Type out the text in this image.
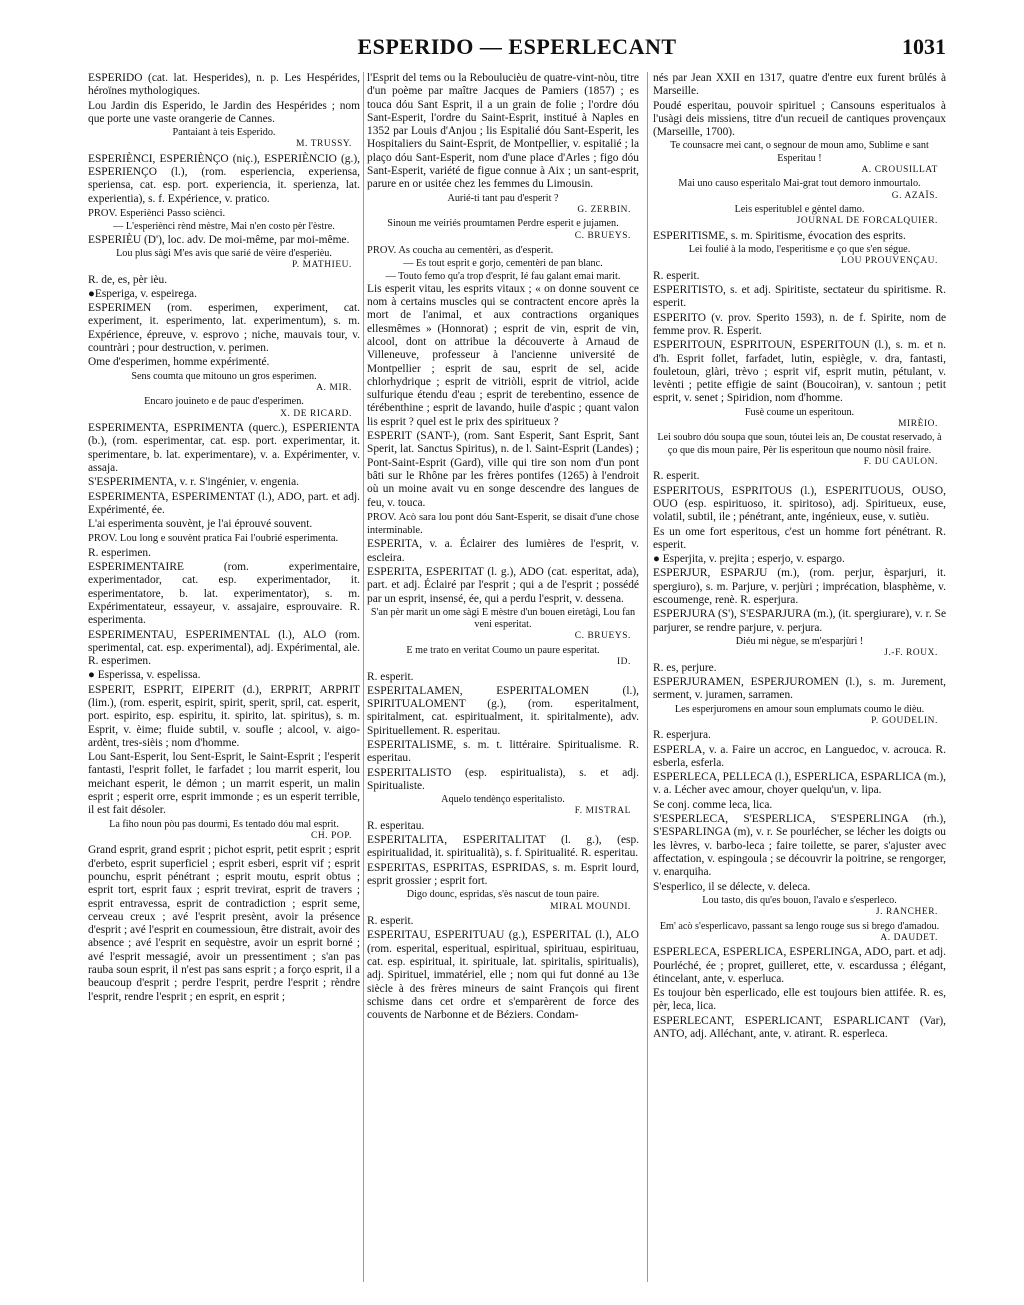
ESPERIDO — ESPERLECANT	1031

ESPERIDO (cat. lat. Hesperides), n. p. Les Hespérides, héroïnes mythologiques.

Lou Jardin dis Esperido, le Jardin des Hespérides ; nom que porte une vaste orangerie de Cannes.

Pantaiant à teis Esperido.

M. TRUSSY.

ESPERIÈNCI, ESPERIÈNÇO (niç.), ESPERIÈNCIO (g.), ESPERIENÇO (l.), (rom. esperiencia, experiensa, speriensa, cat. esp. port. experiencia, it. sperienza, lat. experientia), s. f. Expérience, v. pratico.

PROV. Esperiènci Passo sciènci.

— L'esperiènci rènd mèstre, Mai n'en costo pèr l'èstre.

ESPERIÈU (D'), loc. adv. De moi-même, par moi-même.

Lou plus sàgi M'es avis que sarié de vèire d'esperièu.

P. MATHIEU.

R. de, es, pèr ièu.

●Esperiga, v. espeirega.

ESPERIMEN (rom. esperimen, experiment, cat. experiment, it. esperimento, lat. experimentum), s. m. Expérience, épreuve, v. esprovo ; niche, mauvais tour, v. countràri ; pour destruction, v. perimen.

Ome d'esperimen, homme expérimenté.

Sens coumta que mitouno un gros esperimen.

A. MIR.

Encaro jouineto e de pauc d'esperimen.

X. DE RICARD.

ESPERIMENTA, ESPRIMENTA (querc.), ESPERIENTA (b.), (rom. esperimentar, cat. esp. port. experimentar, it. sperimentare, b. lat. experimentare), v. a. Expérimenter, v. assaja.

S'ESPERIMENTA, v. r. S'ingénier, v. engenia.

ESPERIMENTA, ESPERIMENTAT (l.), ADO, part. et adj. Expérimenté, ée.

L'ai esperimenta souvènt, je l'ai éprouvé souvent.

PROV. Lou long e souvènt pratica Fai l'oubrié esperimenta.

R. esperimen.

ESPERIMENTAIRE (rom. experimentaire, experimentador, cat. esp. experimentador, it. esperimentatore, b. lat. experimentator), s. m. Expérimentateur, essayeur, v. assajaire, esprouvaire. R. esperimenta.

ESPERIMENTAU, ESPERIMENTAL (l.), ALO (rom. sperimental, cat. esp. experimental), adj. Expérimental, ale. R. esperimen.

● Esperissa, v. espelissa.

ESPERIT, ESPRIT, EIPERIT (d.), ERPRIT, ARPRIT (lim.), (rom. esperit, espirit, spirit, sperit, spril, cat. esperit, port. espirito, esp. espiritu, it. spirito, lat. spiritus), s. m. Esprit, v. èime; fluide subtil, v. soufle ; alcool, v. aigo-ardènt, tres-sièis ; nom d'homme.

Lou Sant-Esperit, lou Sent-Esprit, le Saint-Esprit ; l'esperit fantasti, l'esprit follet, le farfadet ; lou marrit esperit, lou meichant esperit, le démon ; un marrit esperit, un malin esprit ; esperit orre, esprit immonde ; es un esperit terrible, il est fait désoler.

La fiho noun pòu pas dourmi, Es tentado dóu mal esprit.

CH. POP.

Grand esprit, grand esprit ; pichot esprit, petit esprit ; esprit d'erbeto, esprit superficiel ; esprit esberi, esprit vif ; esprit pounchu, esprit pénétrant ; esprit moutu, esprit obtus ; esprit tort, esprit faux ; esprit trevirat, esprit de travers ; esprit entravessa, esprit de contradiction ; esprit seme, cerveau creux ; avé l'esprit presènt, avoir la présence d'esprit ; avé l'esprit en coumessioun, être distrait, avoir des absence ; avé l'esprit en sequèstre, avoir un esprit borné ; avé l'esprit messagié, avoir un pressentiment ; s'an pas rauba soun esprit, il n'est pas sans esprit ; a forço esprit, il a beaucoup d'esprit ; perdre l'esprit, perdre l'esprit ; rèndre l'esprit, rendre l'esprit ; en esprit, en esprit ;

l'Esprit del tems ou la Reboulucièu de quatre-vint-nòu, titre d'un poème par maître Jacques de Pamiers (1857) ; es touca dóu Sant Esprit, il a un grain de folie ; l'ordre dóu Sant-Esperit, l'ordre du Saint-Esprit, institué à Naples en 1352 par Louis d'Anjou ; lis Espitalié dóu Sant-Esperit, les Hospitaliers du Saint-Esprit, de Montpellier, v. espitalié ; la plaço dóu Sant-Esperit, nom d'une place d'Arles ; figo dóu Sant-Esperit, variété de figue connue à Aix ; un sant-esprit, parure en or usitée chez les femmes du Limousin.

Aurié-ti tant pau d'esperit ?

G. ZERBIN.

Sinoun me veiriés proumtamen Perdre esperit e jujamen.

C. BRUEYS.

PROV. As coucha au cementèri, as d'esperit.

— Es tout esprit e gorjo, cementèri de pan blanc.

— Touto femo qu'a trop d'esprit, Ié fau galant emai marit.

Lis esperit vitau, les esprits vitaux ; « on donne souvent ce nom à certains muscles qui se contractent encore après la mort de l'animal, et aux contractions organiques ellesmêmes » (Honnorat) ; esprit de vin, esprit de vin, alcool, dont on attribue la découverte à Arnaud de Villeneuve, professeur à l'ancienne université de Montpellier ; esprit de sau, esprit de sel, acide chlorhydrique ; esprit de vitriòli, esprit de vitriol, acide sulfurique étendu d'eau ; esprit de terebentino, essence de térébenthine ; esprit de lavando, huile d'aspic ; quant valon lis esprit ? quel est le prix des spiritueux ?

ESPERIT (SANT-), (rom. Sant Esperit, Sant Esprit, Sant Sperit, lat. Sanctus Spiritus), n. de l. Saint-Esprit (Landes) ; Pont-Saint-Esprit (Gard), ville qui tire son nom d'un pont bâti sur le Rhône par les frères pontifes (1265) à l'endroit où un moine avait vu en songe descendre des langues de feu, v. touca.

PROV. Acò sara lou pont dóu Sant-Esperit, se disait d'une chose interminable.

ESPERITA, v. a. Éclairer des lumières de l'esprit, v. escleira.

ESPERITA, ESPERITAT (l. g.), ADO (cat. esperitat, ada), part. et adj. Éclairé par l'esprit ; qui a de l'esprit ; possédé par un esprit, insensé, ée, qui a perdu l'esprit, v. dessena.

S'an pèr marit un ome sàgi E mèstre d'un bouen eiretàgi, Lou fan veni esperitat.

C. BRUEYS.

E me trato en veritat Coumo un paure esperitat.

ID.

R. esperit.

ESPERITALAMEN, ESPERITALOMEN (l.), SPIRITUALOMENT (g.), (rom. esperitalment, spiritalment, cat. espiritualment, it. spiritalmente), adv. Spirituellement. R. esperitau.

ESPERITALISME, s. m. t. littéraire. Spiritualisme. R. esperitau.

ESPERITALISTO (esp. espiritualista), s. et adj. Spiritualiste.

Aquelo tendènço esperitalisto.

F. MISTRAL

R. esperitau.

ESPERITALITA, ESPERITALITAT (l. g.), (esp. espiritualidad, it. spiritualità), s. f. Spiritualité. R. esperitau.

ESPERITAS, ESPRITAS, ESPRIDAS, s. m. Esprit lourd, esprit grossier ; esprit fort.

Digo dounc, espridas, s'ès nascut de toun paire.

MIRAL MOUNDI.

R. esperit.

ESPERITAU, ESPERITUAU (g.), ESPERITAL (l.), ALO (rom. esperital, esperitual, espiritual, spirituau, espirituau, cat. esp. espiritual, it. spirituale, lat. spiritalis, spiritualis), adj. Spirituel, immatériel, elle ; nom qui fut donné au 13e siècle à des frères mineurs de saint François qui firent schisme dans cet ordre et s'emparèrent de force des couvents de Narbonne et de Béziers. Condam-

nés par Jean XXII en 1317, quatre d'entre eux furent brûlés à Marseille.

Poudé esperitau, pouvoir spirituel ; Cansouns esperitualos à l'usàgi deis missiens, titre d'un recueil de cantiques provençaux (Marseille, 1700).

Te counsacre mei cant, o segnour de moun amo, Sublime e sant Esperitau !

A. CROUSILLAT

Mai uno causo esperitalo Mai-grat tout demoro inmourtalo.

G. AZAÏS.

Leis esperitublel e gèntel damo.

JOURNAL DE FORCALQUIER.

ESPERITISME, s. m. Spiritisme, évocation des esprits.

Lei foulié à la modo, l'esperitisme e ço que s'en ségue.

LOU PROUVENÇAU.

R. esperit.

ESPERITISTO, s. et adj. Spiritiste, sectateur du spiritisme. R. esperit.

ESPERITO (v. prov. Sperito 1593), n. de f. Spirite, nom de femme prov. R. Esperit.

ESPERITOUN, ESPRITOUN, ESPERITOUN (l.), s. m. et n. d'h. Esprit follet, farfadet, lutin, espiègle, v. dra, fantasti, fouletoun, glàri, trèvo ; esprit vif, esprit mutin, pétulant, v. levènti ; petite effigie de saint (Boucoiran), v. santoun ; petit esprit, v. senet ; Spiridion, nom d'homme.

Fusè coume un esperitoun.

MIRÈIO.

Lei soubro dóu soupa que soun, tóutei leis an, De coustat reservado, à ço que dis moun paire, Pèr lis esperitoun que noumo nòsil fraire.

F. DU CAULON.

R. esperit.

ESPERITOUS, ESPRITOUS (l.), ESPERITUOUS, OUSO, OUO (esp. espirituoso, it. spiritoso), adj. Spiritueux, euse, volatil, subtil, ile ; pénétrant, ante, ingénieux, euse, v. sutièu.

Es un ome fort esperitous, c'est un homme fort pénétrant. R. esperit.

● Esperjita, v. prejita ; esperjo, v. espargo.

ESPERJUR, ESPARJU (m.), (rom. perjur, èsparjuri, it. spergiuro), s. m. Parjure, v. perjùri ; imprécation, blasphème, v. escoumenge, renè. R. esperjura.

ESPERJURA (S'), S'ESPARJURA (m.), (it. spergiurare), v. r. Se parjurer, se rendre parjure, v. perjura.

Diéu mi nègue, se m'esparjùri !

J.-F. ROUX.

R. es, perjure.

ESPERJURAMEN, ESPERJUROMEN (l.), s. m. Jurement, serment, v. juramen, sarramen.

Les esperjuromens en amour soun emplumats coumo le dièu.

P. GOUDELIN.

R. esperjura.

ESPERLA, v. a. Faire un accroc, en Languedoc, v. acrouca. R. esberla, esferla.

ESPERLECA, PELLECA (l.), ESPERLICA, ESPARLICA (m.), v. a. Lécher avec amour, choyer quelqu'un, v. lipa.

Se conj. comme leca, lica.

S'ESPERLECA, S'ESPERLICA, S'ESPERLINGA (rh.), S'ESPARLINGA (m), v. r. Se pourlécher, se lécher les doigts ou les lèvres, v. barbo-leca ; faire toilette, se parer, s'ajuster avec affectation, v. espingoula ; se découvrir la poitrine, se rengorger, v. enarquiha.

S'esperlico, il se délecte, v. deleca.

Lou tasto, dis qu'es bouon, l'avalo e s'esperleco.

J. RANCHER.

Em' acò s'esperlicavo, passant sa lengo rouge sus si brego d'amadou.

A. DAUDET.

ESPERLECA, ESPERLICA, ESPERLINGA, ADO, part. et adj. Pourléché, ée ; propret, guilleret, ette, v. escardussa ; élégant, étincelant, ante, v. esperluca.

Es toujour bèn esperlicado, elle est toujours bien attifée. R. es, pèr, leca, lica.

ESPERLECANT, ESPERLICANT, ESPARLICANT (Var), ANTO, adj. Alléchant, ante, v. atirant. R. esperleca.
